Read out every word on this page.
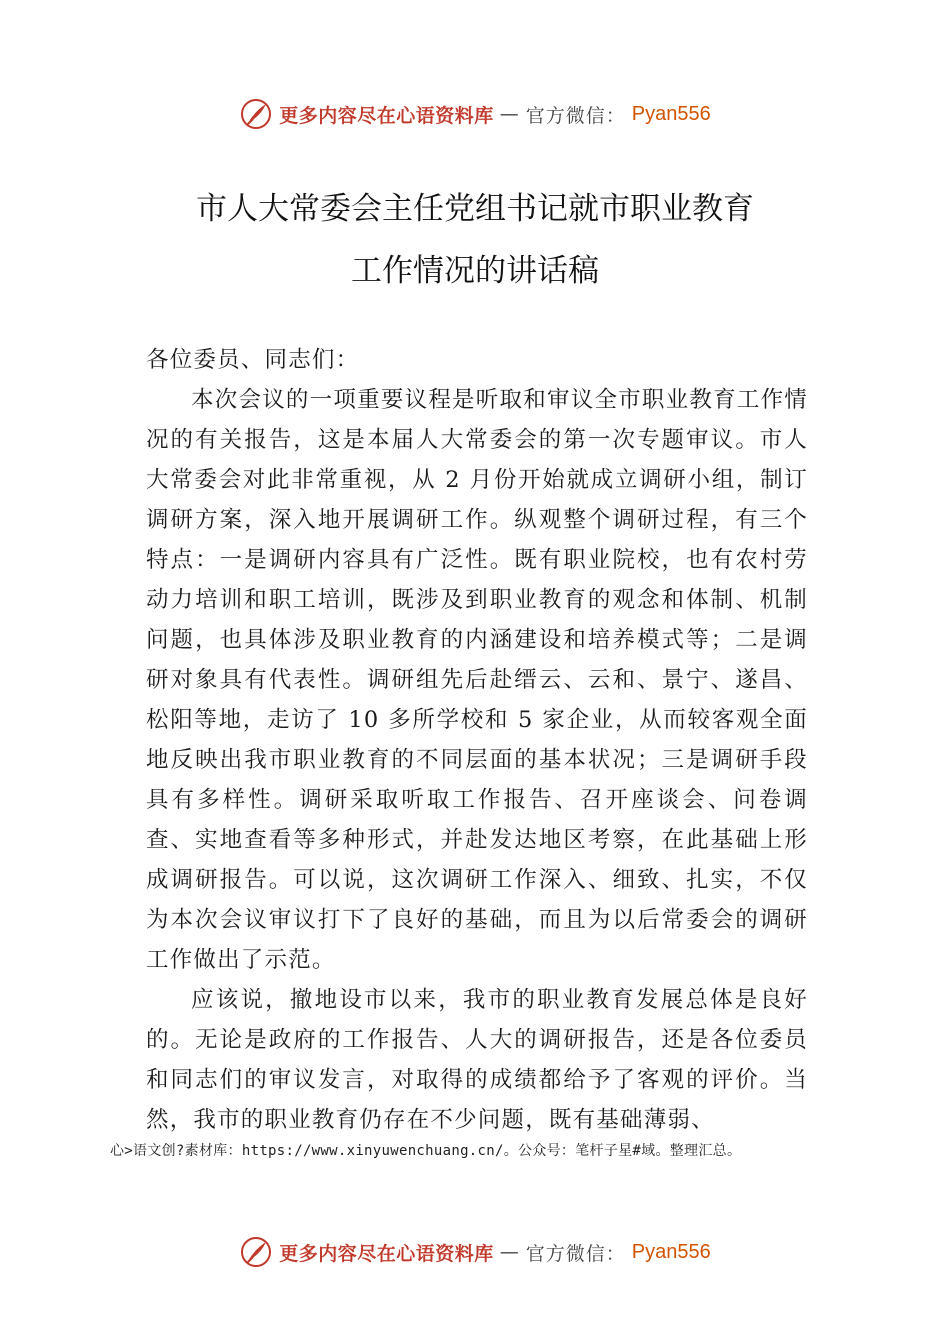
更多内容尽在心语资料库 — 官方微信： Pyan556
市人大常委会主任党组书记就市职业教育
工作情况的讲话稿

各位委员、同志们：

本次会议的一项重要议程是听取和审议全市职业教育工作情况的有关报告，这是本届人大常委会的第一次专题审议。市人大常委会对此非常重视，从 2 月份开始就成立调研小组，制订调研方案，深入地开展调研工作。纵观整个调研过程，有三个特点：一是调研内容具有广泛性。既有职业院校，也有农村劳动力培训和职工培训，既涉及到职业教育的观念和体制、机制问题，也具体涉及职业教育的内涵建设和培养模式等；二是调研对象具有代表性。调研组先后赴缙云、云和、景宁、遂昌、松阳等地，走访了 10 多所学校和 5 家企业，从而较客观全面地反映出我市职业教育的不同层面的基本状况；三是调研手段具有多样性。调研采取听取工作报告、召开座谈会、问卷调查、实地查看等多种形式，并赴发达地区考察，在此基础上形成调研报告。可以说，这次调研工作深入、细致、扎实，不仅为本次会议审议打下了良好的基础，而且为以后常委会的调研工作做出了示范。

应该说，撤地设市以来，我市的职业教育发展总体是良好的。无论是政府的工作报告、人大的调研报告，还是各位委员和同志们的审议发言，对取得的成绩都给予了客观的评价。当然，我市的职业教育仍存在不少问题，既有基础薄弱、

心>语文创?素材库：https://www.xinyuwenchuang.cn/。公众号：笔杆子星#域。整理汇总。
更多内容尽在心语资料库 — 官方微信： Pyan556
